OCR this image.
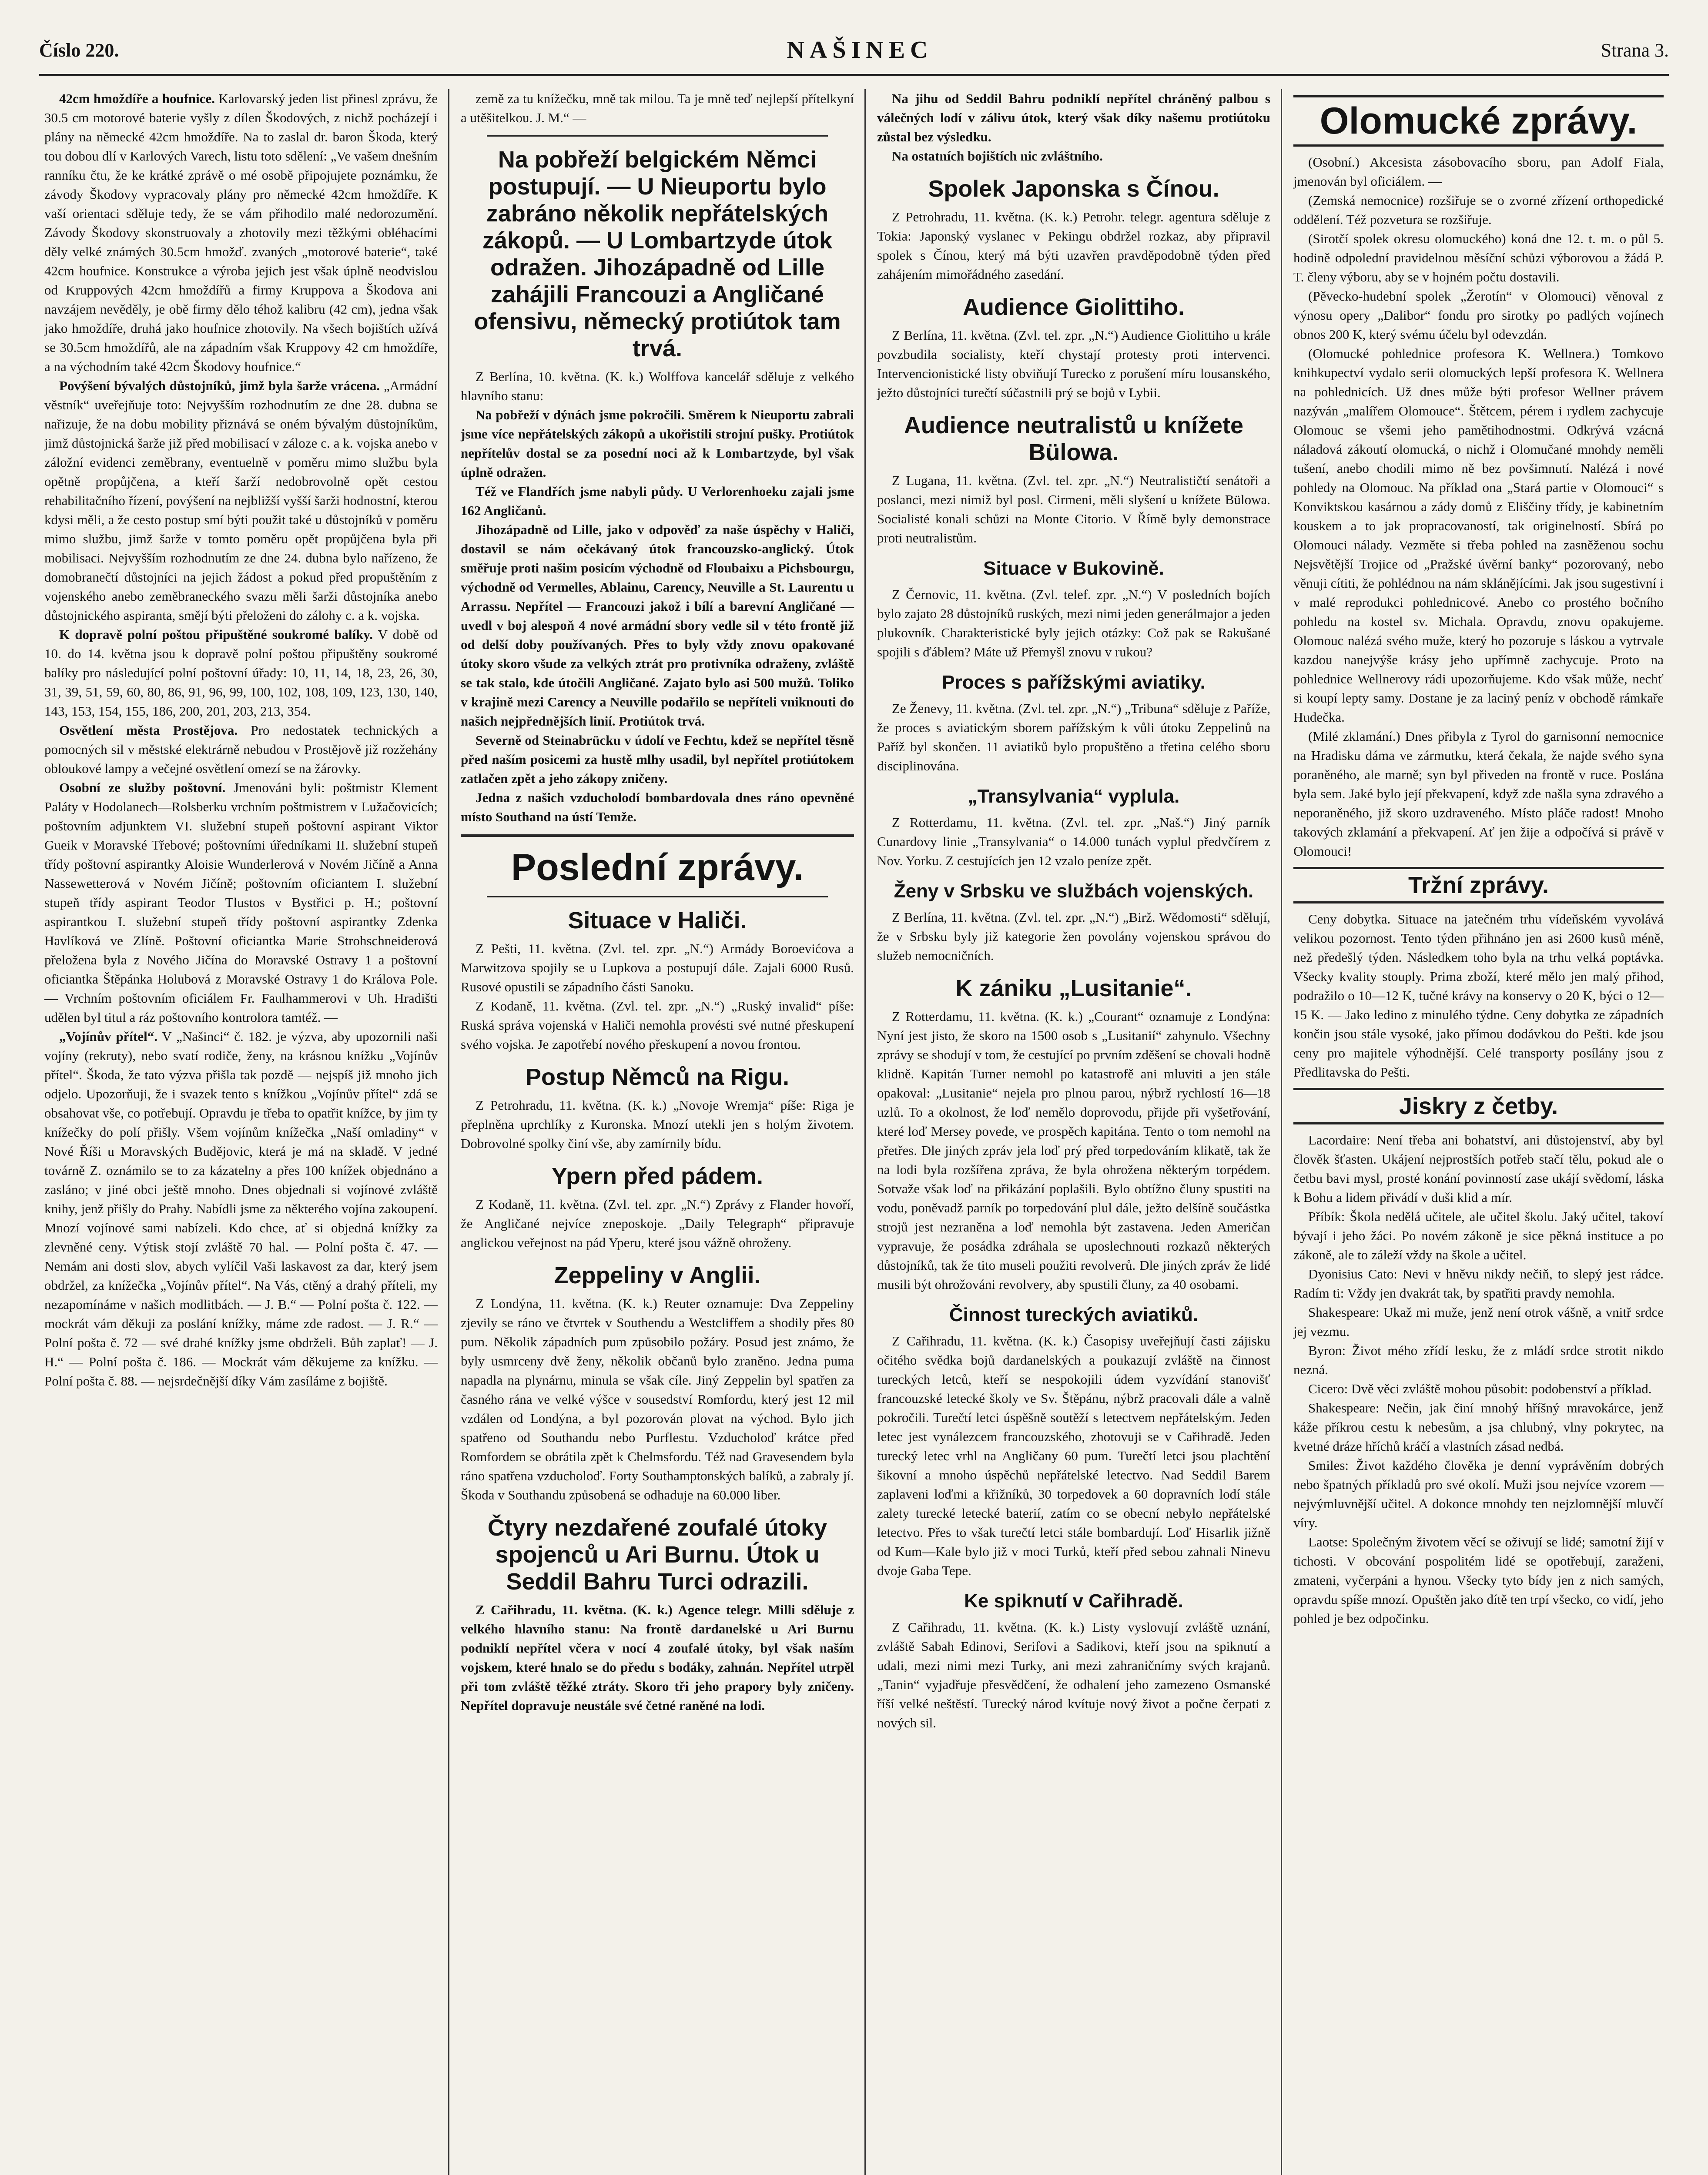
Číslo 220.	NAŠINEC	Strana 3.

42cm hmoždíře a houfnice. Karlovarský jeden list přinesl zprávu, že 30.5 cm motorové baterie vyšly z dílen Škodových, z nichž pocházejí i plány na německé 42cm hmoždíře. Na to zaslal dr. baron Škoda, který tou dobou dlí v Karlových Varech, listu toto sdělení: „Ve vašem dnešním ranníku čtu, že ke krátké zprávě o mé osobě připojujete poznámku, že závody Škodovy vypracovaly plány pro německé 42cm hmoždíře. K vaší orientaci sděluje tedy, že se vám přihodilo malé nedorozumění. Závody Škodovy skonstruovaly a zhotovily mezi těžkými obléhacími děly velké známých 30.5cm hmožď. zvaných „motorové baterie“, také 42cm houfnice. Konstrukce a výroba jejich jest však úplně neodvislou od Kruppových 42cm hmoždířů a firmy Kruppova a Škodova ani navzájem nevěděly, je obě firmy dělo téhož kalibru (42 cm), jedna však jako hmoždíře, druhá jako houfnice zhotovily. Na všech bojištích užívá se 30.5cm hmoždířů, ale na západním však Kruppovy 42 cm hmoždíře, a na východním také 42cm Škodovy houfnice.“

Povýšení bývalých důstojníků, jimž byla šarže vrácena. „Armádní věstník“ uveřejňuje toto: Nejvyšším rozhodnutím ze dne 28. dubna se nařizuje, že na dobu mobility přiznává se oném bývalým důstojníkům, jimž důstojnická šarže již před mobilisací v záloze c. a k. vojska anebo v záložní evidenci zeměbrany, eventuelně v poměru mimo službu byla opětně propůjčena, a kteří šarží nedobrovolně opět cestou rehabilitačního řízení, povýšení na nejbližší vyšší šarži hodnostní, kterou kdysi měli, a že cesto postup smí býti použit také u důstojníků v poměru mimo službu, jimž šarže v tomto poměru opět propůjčena byla při mobilisaci. Nejvyšším rozhodnutím ze dne 24. dubna bylo nařízeno, že domobranečtí důstojníci na jejich žádost a pokud před propuštěním z vojenského anebo zeměbraneckého svazu měli šarži důstojníka anebo důstojnického aspiranta, smějí býti přeloženi do zálohy c. a k. vojska.

K dopravě polní poštou připuštěné soukromé balíky. V době od 10. do 14. května jsou k dopravě polní poštou připuštěny soukromé balíky pro následující polní poštovní úřady: 10, 11, 14, 18, 23, 26, 30, 31, 39, 51, 59, 60, 80, 86, 91, 96, 99, 100, 102, 108, 109, 123, 130, 140, 143, 153, 154, 155, 186, 200, 201, 203, 213, 354.

Osvětlení města Prostějova. Pro nedostatek technických a pomocných sil v městské elektrárně nebudou v Prostějově již rozžehány obloukové lampy a večejné osvětlení omezí se na žárovky.

Osobní ze služby poštovní. Jmenováni byli: poštmistr Klement Paláty v Hodolanech—Rolsberku vrchním poštmistrem v Lužačovicích; poštovním adjunktem VI. služební stupeň poštovní aspirant Viktor Gueik v Moravské Třebové; poštovními úředníkami II. služební stupeň třídy poštovní aspirantky Aloisie Wunderlerová v Novém Jičíně a Anna Nassewetterová v Novém Jičíně; poštovním oficiantem I. služební stupeň třídy aspirant Teodor Tlustos v Bystřici p. H.; poštovní aspirantkou I. služební stupeň třídy poštovní aspirantky Zdenka Havlíková ve Zlíně. Poštovní oficiantka Marie Strohschneiderová přeložena byla z Nového Jičína do Moravské Ostravy 1 a poštovní oficiantka Štěpánka Holubová z Moravské Ostravy 1 do Králova Pole. — Vrchním poštovním oficiálem Fr. Faulhammerovi v Uh. Hradišti udělen byl titul a ráz poštovního kontrolora tamtéž. —

„Vojínův přítel“. V „Našinci“ č. 182. je výzva, aby upozornili naši vojíny (rekruty), nebo svatí rodiče, ženy, na krásnou knížku „Vojínův přítel“. Škoda, že tato výzva přišla tak pozdě — nejspíš již mnoho jich odjelo. Upozorňuji, že i svazek tento s knížkou „Vojínův přítel“ zdá se obsahovat vše, co potřebují. Opravdu je třeba to opatřit knížce, by jim ty knížečky do polí přišly. Všem vojínům knížečka „Naší omladiny“ v Nové Říši u Moravských Budějovic, která je má na skladě. V jedné továrně Z. oznámilo se to za kázatelny a přes 100 knížek objednáno a zasláno; v jiné obci ještě mnoho. Dnes objednali si vojínové zvláště knihy, jenž přišly do Prahy. Nabídli jsme za některého vojína zakoupení. Mnozí vojínové sami nabízeli. Kdo chce, ať si objedná knížky za zlevněné ceny. Výtisk stojí zvláště 70 hal. — Polní pošta č. 47. — Nemám ani dosti slov, abych vylíčil Vaši laskavost za dar, který jsem obdržel, za knížečka „Vojínův přítel“. Na Vás, ctěný a drahý příteli, my nezapomínáme v našich modlitbách. — J. B.“ — Polní pošta č. 122. — mockrát vám děkuji za poslání knížky, máme zde radost. — J. R.“ — Polní pošta č. 72 — své drahé knížky jsme obdrželi. Bůh zaplať! — J. H.“ — Polní pošta č. 186. — Mockrát vám děkujeme za knížku. — Polní pošta č. 88. — nejsrdečnější díky Vám zasíláme z bojiště.

země za tu knížečku, mně tak milou. Ta je mně teď nejlepší přítelkyní a utěšitelkou. J. M.“ —

Na pobřeží belgickém Němci postupují. — U Nieuportu bylo zabráno několik nepřátelských zákopů. — U Lombartzyde útok odražen. Jihozápadně od Lille zahájili Francouzi a Angličané ofensivu, německý protiútok tam trvá.

Z Berlína, 10. května. (K. k.) Wolffova kancelář sděluje z velkého hlavního stanu:

Na pobřeží v dýnách jsme pokročili. Směrem k Nieuportu zabrali jsme více nepřátelských zákopů a ukořistili strojní pušky. Protiútok nepřítelův dostal se za posední noci až k Lombartzyde, byl však úplně odražen.

Též ve Flandřích jsme nabyli půdy. U Verlorenhoeku zajali jsme 162 Angličanů.

Jihozápadně od Lille, jako v odpověď za naše úspěchy v Haliči, dostavil se nám očekávaný útok francouzsko-anglický. Útok směřuje proti našim posicím východně od Floubaixu a Pichsbourgu, východně od Vermelles, Ablainu, Carency, Neuville a St. Laurentu u Arrassu. Nepřítel — Francouzi jakož i bílí a barevní Angličané — uvedl v boj alespoň 4 nové armádní sbory vedle sil v této frontě již od delší doby používaných. Přes to byly vždy znovu opakované útoky skoro všude za velkých ztrát pro protivníka odraženy, zvláště se tak stalo, kde útočili Angličané. Zajato bylo asi 500 mužů. Toliko v krajině mezi Carency a Neuville podařilo se nepříteli vniknouti do našich nejpřednějších linií. Protiútok trvá.

Severně od Steinabrücku v údolí ve Fechtu, kdež se nepřítel těsně před naším posicemi za hustě mlhy usadil, byl nepřítel protiútokem zatlačen zpět a jeho zákopy zničeny.

Jedna z našich vzducholodí bombardovala dnes ráno opevněné místo Southand na ústí Temže.

Poslední zprávy.
Situace v Haliči.

Z Pešti, 11. května. (Zvl. tel. zpr. „N.“) Armády Boroevićova a Marwitzova spojily se u Lupkova a postupují dále. Zajali 6000 Rusů. Rusové opustili se západního části Sanoku.

Z Kodaně, 11. května. (Zvl. tel. zpr. „N.“) „Ruský invalid“ píše: Ruská správa vojenská v Haliči nemohla provésti své nutné přeskupení svého vojska. Je zapotřebí nového přeskupení a novou frontou.

Postup Němců na Rigu.

Z Petrohradu, 11. května. (K. k.) „Novoje Wremja“ píše: Riga je přeplněna uprchlíky z Kuronska. Mnozí utekli jen s holým životem. Dobrovolné spolky činí vše, aby zamírnily bídu.

Ypern před pádem.

Z Kodaně, 11. května. (Zvl. tel. zpr. „N.“) Zprávy z Flander hovoří, že Angličané nejvíce zneposkoje. „Daily Telegraph“ připravuje anglickou veřejnost na pád Yperu, které jsou vážně ohroženy.

Zeppeliny v Anglii.

Z Londýna, 11. května. (K. k.) Reuter oznamuje: Dva Zeppeliny zjevily se ráno ve čtvrtek v Southendu a Westcliffem a shodily přes 80 pum. Několik západních pum způsobilo požáry. Posud jest známo, že byly usmrceny dvě ženy, několik občanů bylo zraněno. Jedna puma napadla na plynárnu, minula se však cíle. Jiný Zeppelin byl spatřen za časného rána ve velké výšce v sousedství Romfordu, který jest 12 mil vzdálen od Londýna, a byl pozorován plovat na východ. Bylo jich spatřeno od Southandu nebo Purflestu. Vzducholoď krátce před Romfordem se obrátila zpět k Chelmsfordu. Též nad Gravesendem byla ráno spatřena vzducholoď. Forty Southamptonských balíků, a zabraly jí. Škoda v Southandu způsobená se odhaduje na 60.000 liber.

Čtyry nezdařené zoufalé útoky spojenců u Ari Burnu. Útok u Seddil Bahru Turci odrazili.

Z Cařihradu, 11. května. (K. k.) Agence telegr. Milli sděluje z velkého hlavního stanu: Na frontě dardanelské u Ari Burnu podniklí nepřítel včera v nocí 4 zoufalé útoky, byl však naším vojskem, které hnalo se do předu s bodáky, zahnán. Nepřítel utrpěl při tom zvláště těžké ztráty. Skoro tři jeho prapory byly zničeny. Nepřítel dopravuje neustále své četné raněné na lodi.

Na jihu od Seddil Bahru podniklí nepřítel chráněný palbou s válečných lodí v zálivu útok, který však díky našemu protiútoku zůstal bez výsledku.

Na ostatních bojištích nic zvláštního.

Spolek Japonska s Čínou.

Z Petrohradu, 11. května. (K. k.) Petrohr. telegr. agentura sděluje z Tokia: Japonský vyslanec v Pekingu obdržel rozkaz, aby připravil spolek s Čínou, který má býti uzavřen pravděpodobně týden před zahájením mimořádného zasedání.

Audience Giolittiho.

Z Berlína, 11. května. (Zvl. tel. zpr. „N.“) Audience Giolittiho u krále povzbudila socialisty, kteří chystají protesty proti intervenci. Intervencionistické listy obviňují Turecko z porušení míru lousanského, ježto důstojníci turečtí súčastnili prý se bojů v Lybii.

Audience neutralistů u knížete Bülowa.

Z Lugana, 11. května. (Zvl. tel. zpr. „N.“) Neutralističtí senátoři a poslanci, mezi nimiž byl posl. Cirmeni, měli slyšení u knížete Bülowa. Socialisté konali schůzi na Monte Citorio. V Římě byly demonstrace proti neutralistům.

Situace v Bukovině.

Z Černovic, 11. května. (Zvl. telef. zpr. „N.“) V posledních bojích bylo zajato 28 důstojníků ruských, mezi nimi jeden generálmajor a jeden plukovník. Charakteristické byly jejich otázky: Což pak se Rakušané spojili s ďáblem? Máte už Přemyšl znovu v rukou?

Proces s pařížskými aviatiky.

Ze Ženevy, 11. května. (Zvl. tel. zpr. „N.“) „Tribuna“ sděluje z Paříže, že proces s aviatickým sborem pařížským k vůli útoku Zeppelinů na Paříž byl skončen. 11 aviatiků bylo propuštěno a třetina celého sboru disciplinována.

„Transylvania“ vyplula.

Z Rotterdamu, 11. května. (Zvl. tel. zpr. „Naš.“) Jiný parník Cunardovy linie „Transylvania“ o 14.000 tunách vyplul předvčírem z Nov. Yorku. Z cestujících jen 12 vzalo peníze zpět.

Ženy v Srbsku ve službách vojenských.

Z Berlína, 11. května. (Zvl. tel. zpr. „N.“) „Birž. Wědomosti“ sdělují, že v Srbsku byly již kategorie žen povolány vojenskou správou do služeb nemocničních.

K zániku „Lusitanie“.

Z Rotterdamu, 11. května. (K. k.) „Courant“ oznamuje z Londýna: Nyní jest jisto, že skoro na 1500 osob s „Lusitanií“ zahynulo. Všechny zprávy se shodují v tom, že cestující po prvním zděšení se chovali hodně klidně. Kapitán Turner nemohl po katastrofě ani mluviti a jen stále opakoval: „Lusitanie“ nejela pro plnou parou, nýbrž rychlostí 16—18 uzlů. To a okolnost, že loď nemělo doprovodu, přijde při vyšetřování, které loď Mersey povede, ve prospěch kapitána. Tento o tom nemohl na přetřes. Dle jiných zpráv jela loď prý před torpedováním klikatě, tak že na lodi byla rozšířena zpráva, že byla ohrožena některým torpédem. Sotvaže však loď na přikázání poplašili. Bylo obtížno čluny spustiti na vodu, poněvadž parník po torpedování plul dále, ježto delšíně součástka strojů jest nezraněna a loď nemohla být zastavena. Jeden Američan vypravuje, že posádka zdráhala se uposlechnouti rozkazů některých důstojníků, tak že tito museli použiti revolverů. Dle jiných zpráv že lidé musili být ohrožováni revolvery, aby spustili čluny, za 40 osobami.

Činnost tureckých aviatiků.

Z Cařihradu, 11. května. (K. k.) Časopisy uveřejňují časti zájisku očitého svědka bojů dardanelských a poukazují zvláště na činnost tureckých letců, kteří se nespokojili údem vyzvídání stanovišť francouzské letecké školy ve Sv. Štěpánu, nýbrž pracovali dále a valně pokročili. Turečtí letci úspěšně soutěží s letectvem nepřátelským. Jeden letec jest vynálezcem francouzského, zhotovuji se v Cařihradě. Jeden turecký letec vrhl na Angličany 60 pum. Turečtí letci jsou plachtění šikovní a mnoho úspěchů nepřátelské letectvo. Nad Seddil Barem zaplaveni loďmi a křižníků, 30 torpedovek a 60 dopravních lodí stále zalety turecké letecké baterií, zatím co se obecní nebylo nepřátelské letectvo. Přes to však turečtí letci stále bombardují. Loď Hisarlik jižně od Kum—Kale bylo již v moci Turků, kteří před sebou zahnali Ninevu dvoje Gaba Tepe.

Ke spiknutí v Cařihradě.

Z Cařihradu, 11. května. (K. k.) Listy vyslovují zvláště uznání, zvláště Sabah Edinovi, Serifovi a Sadikovi, kteří jsou na spiknutí a udali, mezi nimi mezi Turky, ani mezi zahraničnímy svých krajanů. „Tanin“ vyjadřuje přesvědčení, že odhalení jeho zamezeno Osmanské říší velké neštěstí. Turecký národ kvítuje nový život a počne čerpati z nových sil.

Olomucké zprávy.

(Osobní.) Akcesista zásobovacího sboru, pan Adolf Fiala, jmenován byl oficiálem. —

(Zemská nemocnice) rozšiřuje se o zvorné zřízení orthopedické oddělení. Též pozvetura se rozšiřuje.

(Sirotčí spolek okresu olomuckého) koná dne 12. t. m. o půl 5. hodině odpolední pravidelnou měsíční schůzi výborovou a žádá P. T. členy výboru, aby se v hojném počtu dostavili.

(Pěvecko-hudební spolek „Žerotín“ v Olomouci) věnoval z výnosu opery „Dalibor“ fondu pro sirotky po padlých vojínech obnos 200 K, který svému účelu byl odevzdán.

(Olomucké pohlednice profesora K. Wellnera.) Tomkovo knihkupectví vydalo serii olomuckých lepší profesora K. Wellnera na pohlednicích. Už dnes může býti profesor Wellner právem nazýván „malířem Olomouce“. Štětcem, pérem i rydlem zachycuje Olomouc se všemi jeho pamětihodnostmi. Odkrývá vzácná náladová zákoutí olomucká, o nichž i Olomučané mnohdy neměli tušení, anebo chodili mimo ně bez povšimnutí. Nalézá i nové pohledy na Olomouc. Na příklad ona „Stará partie v Olomouci“ s Konviktskou kasárnou a zády domů z Eliščiny třídy, je kabinetním kouskem a to jak propracovaností, tak originelností. Sbírá po Olomouci nálady. Vezměte si třeba pohled na zasněženou sochu Nejsvětější Trojice od „Pražské úvěrní banky“ pozorovaný, nebo věnuji cítiti, že pohlédnou na nám sklánějícími. Jak jsou sugestivní i v malé reprodukci pohlednicové. Anebo co prostého bočního pohledu na kostel sv. Michala. Opravdu, znovu opakujeme. Olomouc nalézá svého muže, který ho pozoruje s láskou a vytrvale kazdou nanejvýše krásy jeho upřímně zachycuje. Proto na pohlednice Wellnerovy rádi upozorňujeme. Kdo však může, nechť si koupí lepty samy. Dostane je za laciný peníz v obchodě rámkaře Hudečka.

(Milé zklamání.) Dnes přibyla z Tyrol do garnisonní nemocnice na Hradisku dáma ve zármutku, která čekala, že najde svého syna poraněného, ale marně; syn byl přiveden na frontě v ruce. Poslána byla sem. Jaké bylo její překvapení, když zde našla syna zdravého a neporaněného, již skoro uzdraveného. Místo pláče radost! Mnoho takových zklamání a překvapení. Ať jen žije a odpočívá si právě v Olomouci!

Tržní zprávy.

Ceny dobytka. Situace na jatečném trhu vídeňském vyvolává velikou pozornost. Tento týden přihnáno jen asi 2600 kusů méně, než předešlý týden. Následkem toho byla na trhu velká poptávka. Všecky kvality stouply. Prima zboží, které mělo jen malý přihod, podražilo o 10—12 K, tučné krávy na konservy o 20 K, býci o 12—15 K. — Jako ledino z minulého týdne. Ceny dobytka ze západních končin jsou stále vysoké, jako přímou dodávkou do Pešti. kde jsou ceny pro majitele výhodnější. Celé transporty posílány jsou z Předlitavska do Pešti.

Jiskry z četby.

Lacordaire: Není třeba ani bohatství, ani důstojenství, aby byl člověk šťasten. Ukájení nejprostších potřeb stačí tělu, pokud ale o četbu bavi mysl, prosté konání povinností zase ukájí svědomí, láska k Bohu a lidem přivádí v duši klid a mír.

Příbík: Škola nedělá učitele, ale učitel školu. Jaký učitel, takoví bývají i jeho žáci. Po novém zákoně je sice pěkná instituce a po zákoně, ale to záleží vždy na škole a učitel.

Dyonisius Cato: Nevi v hněvu nikdy nečiň, to slepý jest rádce. Radím ti: Vždy jen dvakrát tak, by spatřiti pravdy nemohla.

Shakespeare: Ukaž mi muže, jenž není otrok vášně, a vnitř srdce jej vezmu.

Byron: Život mého zřídí lesku, že z mládí srdce strotit nikdo nezná.

Cicero: Dvě věci zvláště mohou působit: podobenství a příklad.

Shakespeare: Nečin, jak činí mnohý hříšný mravokárce, jenž káže příkrou cestu k nebesům, a jsa chlubný, vlny pokrytec, na kvetné dráze hříchů kráčí a vlastních zásad nedbá.

Smiles: Život každého člověka je denní vyprávěním dobrých nebo špatných příkladů pro své okolí. Muži jsou nejvíce vzorem — nejvýmluvnější učitel. A dokonce mnohdy ten nejzlomnější mluvčí víry.

Laotse: Společným životem věcí se oživují se lidé; samotní žijí v tichosti. V obcování pospolitém lidé se opotřebují, zaraženi, zmateni, vyčerpáni a hynou. Všecky tyto bídy jen z nich samých, opravdu spíše mnozí. Opuštěn jako dítě ten trpí všecko, co vidí, jeho pohled je bez odpočinku.
